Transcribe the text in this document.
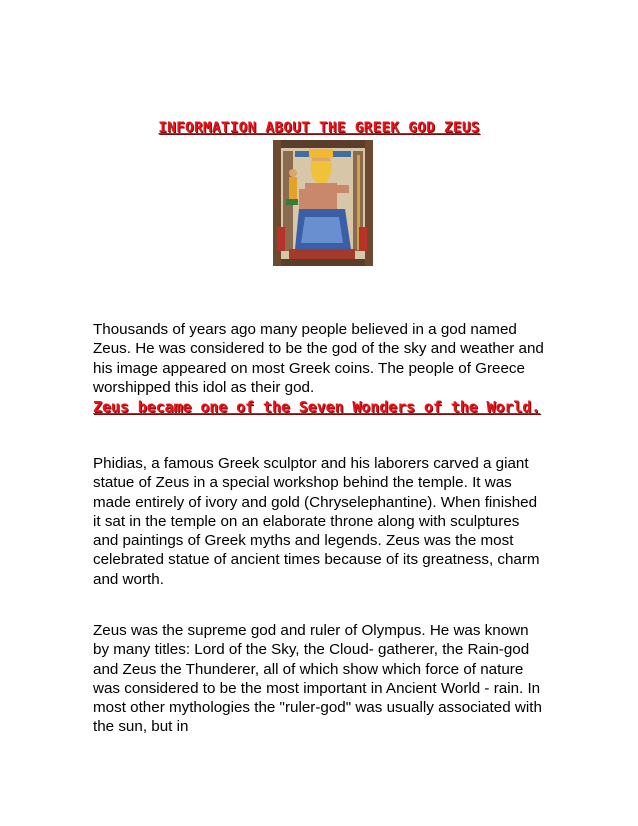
INFORMATION ABOUT THE GREEK GOD ZEUS

Thousands of years ago many people believed in a god named Zeus. He was considered to be the god of the sky and weather and his image appeared on most Greek coins. The people of Greece worshipped this idol as their god.

Zeus became one of the Seven Wonders of the World.

Phidias, a famous Greek sculptor and his laborers carved a giant statue of Zeus in a special workshop behind the temple. It was made entirely of ivory and gold (Chryselephantine). When finished it sat in the temple on an elaborate throne along with sculptures and paintings of Greek myths and legends. Zeus was the most celebrated statue of ancient times because of its greatness, charm and worth.

Zeus was the supreme god and ruler of Olympus. He was known by many titles: Lord of the Sky, the Cloud- gatherer, the Rain-god and Zeus the Thunderer, all of which show which force of nature was considered to be the most important in Ancient World - rain. In most other mythologies the "ruler-god" was usually associated with the sun, but in
